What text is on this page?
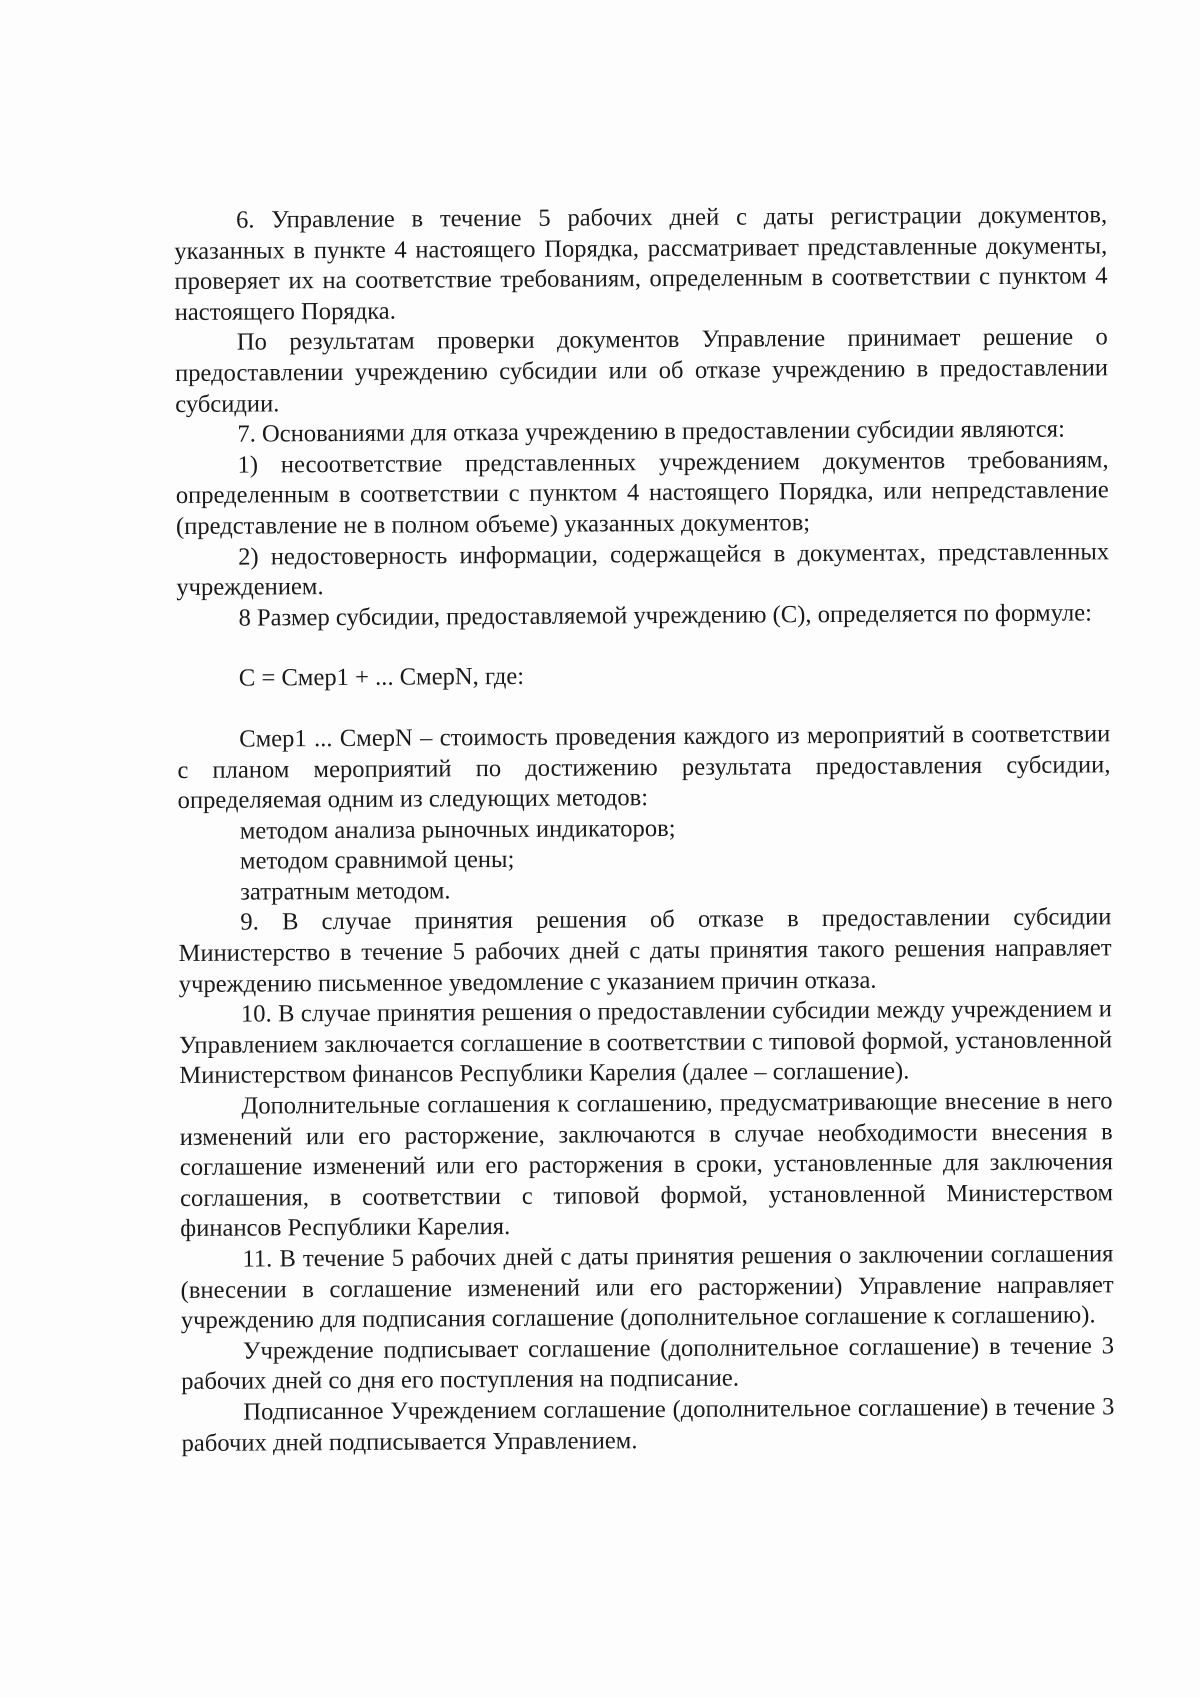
6. Управление в течение 5 рабочих дней с даты регистрации документов, указанных в пункте 4 настоящего Порядка, рассматривает представленные документы, проверяет их на соответствие требованиям, определенным в соответствии с пунктом 4 настоящего Порядка.

По результатам проверки документов Управление принимает решение о предоставлении учреждению субсидии или об отказе учреждению в предоставлении субсидии.

7. Основаниями для отказа учреждению в предоставлении субсидии являются:

1) несоответствие представленных учреждением документов требованиям, определенным в соответствии с пунктом 4 настоящего Порядка, или непредставление (представление не в полном объеме) указанных документов;

2) недостоверность информации, содержащейся в документах, представленных учреждением.

8 Размер субсидии, предоставляемой учреждению (С), определяется по формуле:

С = Смер1 + ... СмерN, где:

Смер1 ... СмерN – стоимость проведения каждого из мероприятий в соответствии с планом мероприятий по достижению результата предоставления субсидии, определяемая одним из следующих методов:

методом анализа рыночных индикаторов;

методом сравнимой цены;

затратным методом.

9. В случае принятия решения об отказе в предоставлении субсидии Министерство в течение 5 рабочих дней с даты принятия такого решения направляет учреждению письменное уведомление с указанием причин отказа.

10. В случае принятия решения о предоставлении субсидии между учреждением и Управлением заключается соглашение в соответствии с типовой формой, установленной Министерством финансов Республики Карелия (далее – соглашение).

Дополнительные соглашения к соглашению, предусматривающие внесение в него изменений или его расторжение, заключаются в случае необходимости внесения в соглашение изменений или его расторжения в сроки, установленные для заключения соглашения, в соответствии с типовой формой, установленной Министерством финансов Республики Карелия.

11. В течение 5 рабочих дней с даты принятия решения о заключении соглашения (внесении в соглашение изменений или его расторжении) Управление направляет учреждению для подписания соглашение (дополнительное соглашение к соглашению).

Учреждение подписывает соглашение (дополнительное соглашение) в течение 3 рабочих дней со дня его поступления на подписание.

Подписанное Учреждением соглашение (дополнительное соглашение) в течение 3 рабочих дней подписывается Управлением.
